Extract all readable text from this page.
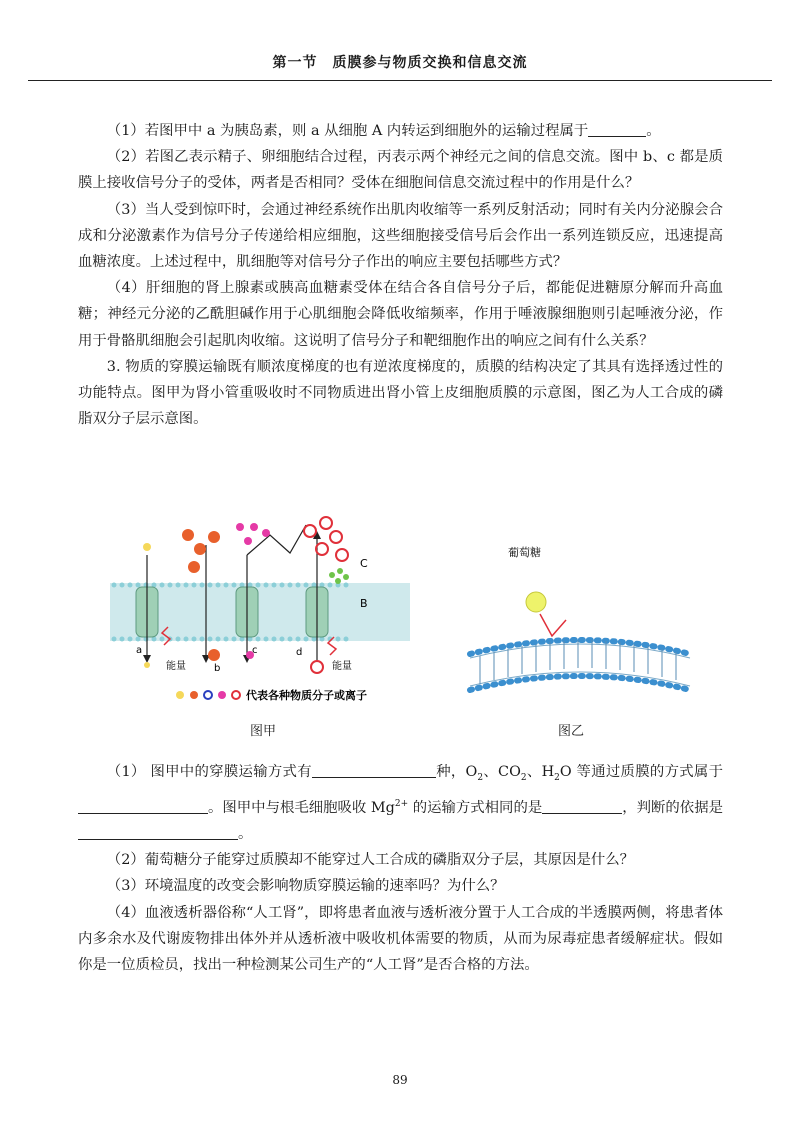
第一节　质膜参与物质交换和信息交流

（1）若图甲中 a 为胰岛素，则 a 从细胞 A 内转运到细胞外的运输过程属于	。

（2）若图乙表示精子、卵细胞结合过程，丙表示两个神经元之间的信息交流。图中 b、c 都是质膜上接收信号分子的受体，两者是否相同？受体在细胞间信息交流过程中的作用是什么？

（3）当人受到惊吓时，会通过神经系统作出肌肉收缩等一系列反射活动；同时有关内分泌腺会合成和分泌激素作为信号分子传递给相应细胞，这些细胞接受信号后会作出一系列连锁反应，迅速提高血糖浓度。上述过程中，肌细胞等对信号分子作出的响应主要包括哪些方式？

（4）肝细胞的肾上腺素或胰高血糖素受体在结合各自信号分子后，都能促进糖原分解而升高血糖；神经元分泌的乙酰胆碱作用于心肌细胞会降低收缩频率，作用于唾液腺细胞则引起唾液分泌，作用于骨骼肌细胞会引起肌肉收缩。这说明了信号分子和靶细胞作出的响应之间有什么关系？

3. 物质的穿膜运输既有顺浓度梯度的也有逆浓度梯度的，质膜的结构决定了其具有选择透过性的功能特点。图甲为肾小管重吸收时不同物质进出肾小管上皮细胞质膜的示意图，图乙为人工合成的磷脂双分子层示意图。

a
b
c	d
C
B
能量	能量
代表各种物质分子或离子
图甲
葡萄糖
图乙

（1） 图甲中的穿膜运输方式有	种，$O_2$、$CO_2$、$H_2O$ 等通过质膜的方式属于。图甲中与根毛细胞吸收 $Mg^{2+}$ 的运输方式相同的是	，判断的依据是。

（2）葡萄糖分子能穿过质膜却不能穿过人工合成的磷脂双分子层，其原因是什么？

（3）环境温度的改变会影响物质穿膜运输的速率吗？为什么？

（4）血液透析器俗称“人工肾”，即将患者血液与透析液分置于人工合成的半透膜两侧，将患者体内多余水及代谢废物排出体外并从透析液中吸收机体需要的物质，从而为尿毒症患者缓解症状。假如你是一位质检员，找出一种检测某公司生产的“人工肾”是否合格的方法。

89
